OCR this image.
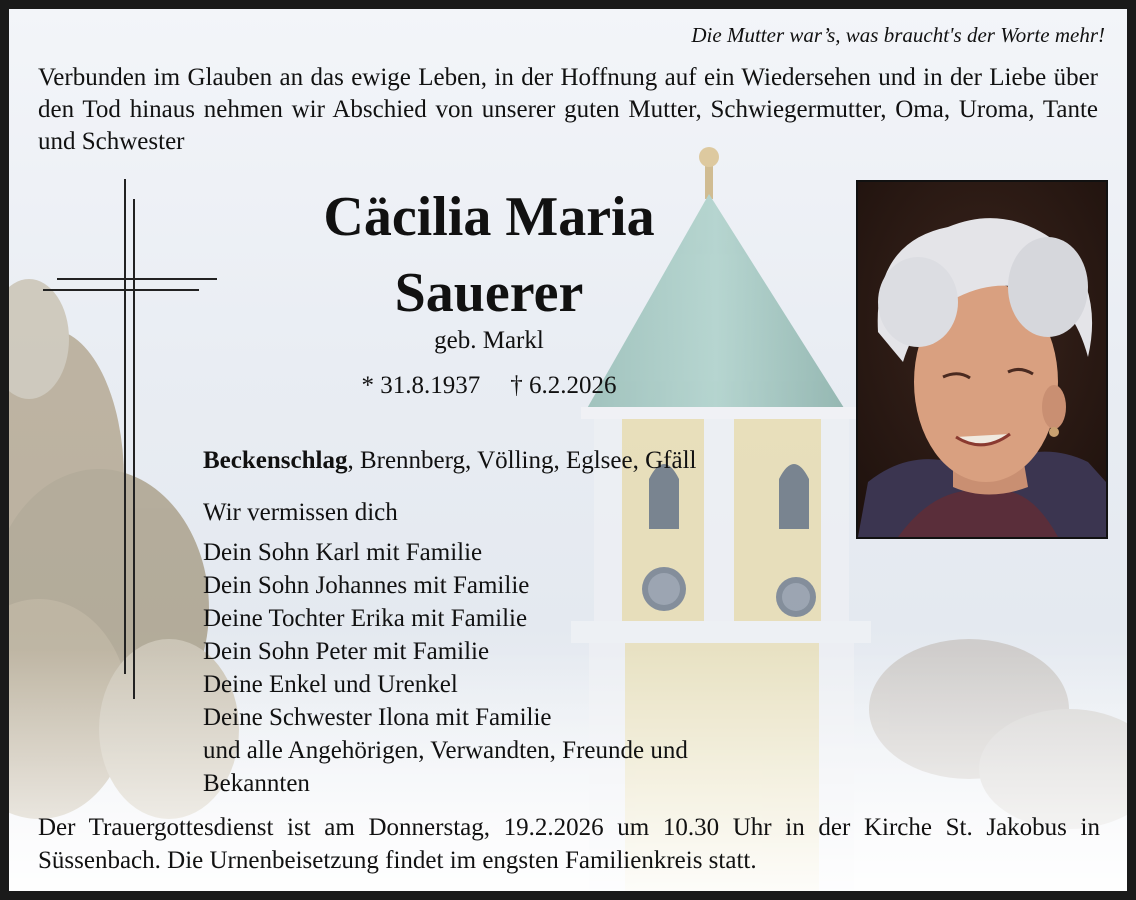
Die Mutter war’s, was braucht's der Worte mehr!
Verbunden im Glauben an das ewige Leben, in der Hoffnung auf ein Wiedersehen und in der Liebe über den Tod hinaus nehmen wir Abschied von unserer guten Mutter, Schwiegermutter, Oma, Uroma, Tante und Schwester
Cäcilia Maria
Sauerer
geb. Markl
* 31.8.1937 † 6.2.2026
Beckenschlag, Brennberg, Völling, Eglsee, Gfäll
Wir vermissen dich
Dein Sohn Karl mit Familie
Dein Sohn Johannes mit Familie
Deine Tochter Erika mit Familie
Dein Sohn Peter mit Familie
Deine Enkel und Urenkel
Deine Schwester Ilona mit Familie
und alle Angehörigen, Verwandten, Freunde und
Bekannten
Der Trauergottesdienst ist am Donnerstag, 19.2.2026 um 10.30 Uhr in der Kirche St. Jakobus in Süssenbach. Die Urnenbeisetzung findet im engsten Familienkreis statt.
